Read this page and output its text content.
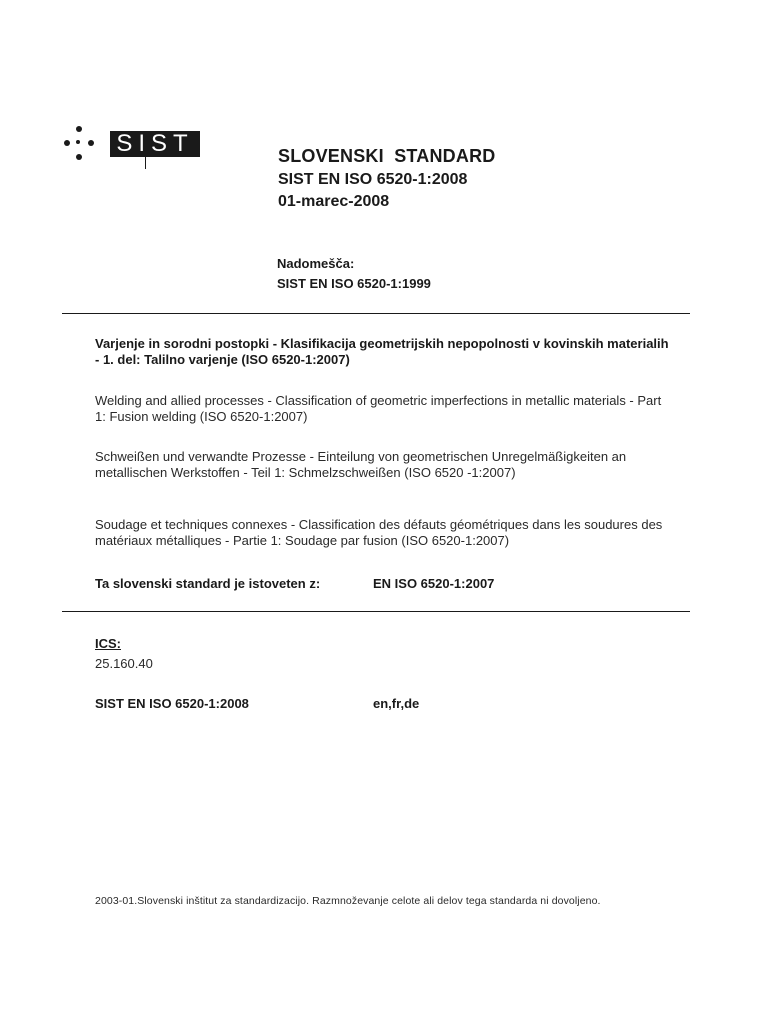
SIST	SLOVENSKI  STANDARD
SIST EN ISO 6520-1:2008
01-marec-2008
Nadomešča:
SIST EN ISO 6520-1:1999
Varjenje in sorodni postopki - Klasifikacija geometrijskih nepopolnosti v kovinskih materialih - 1. del: Talilno varjenje (ISO 6520-1:2007)
Welding and allied processes - Classification of geometric imperfections in metallic materials - Part 1: Fusion welding (ISO 6520-1:2007)
Schweißen und verwandte Prozesse - Einteilung von geometrischen Unregelmäßigkeiten an metallischen Werkstoffen - Teil 1: Schmelzschweißen (ISO 6520 -1:2007)
Soudage et techniques connexes - Classification des défauts géométriques dans les soudures des matériaux métalliques - Partie 1: Soudage par fusion (ISO 6520-1:2007)
Ta slovenski standard je istoveten z:	EN ISO 6520-1:2007
ICS:
25.160.40
SIST EN ISO 6520-1:2008	en,fr,de
2003-01.Slovenski inštitut za standardizacijo. Razmnoževanje celote ali delov tega standarda ni dovoljeno.
